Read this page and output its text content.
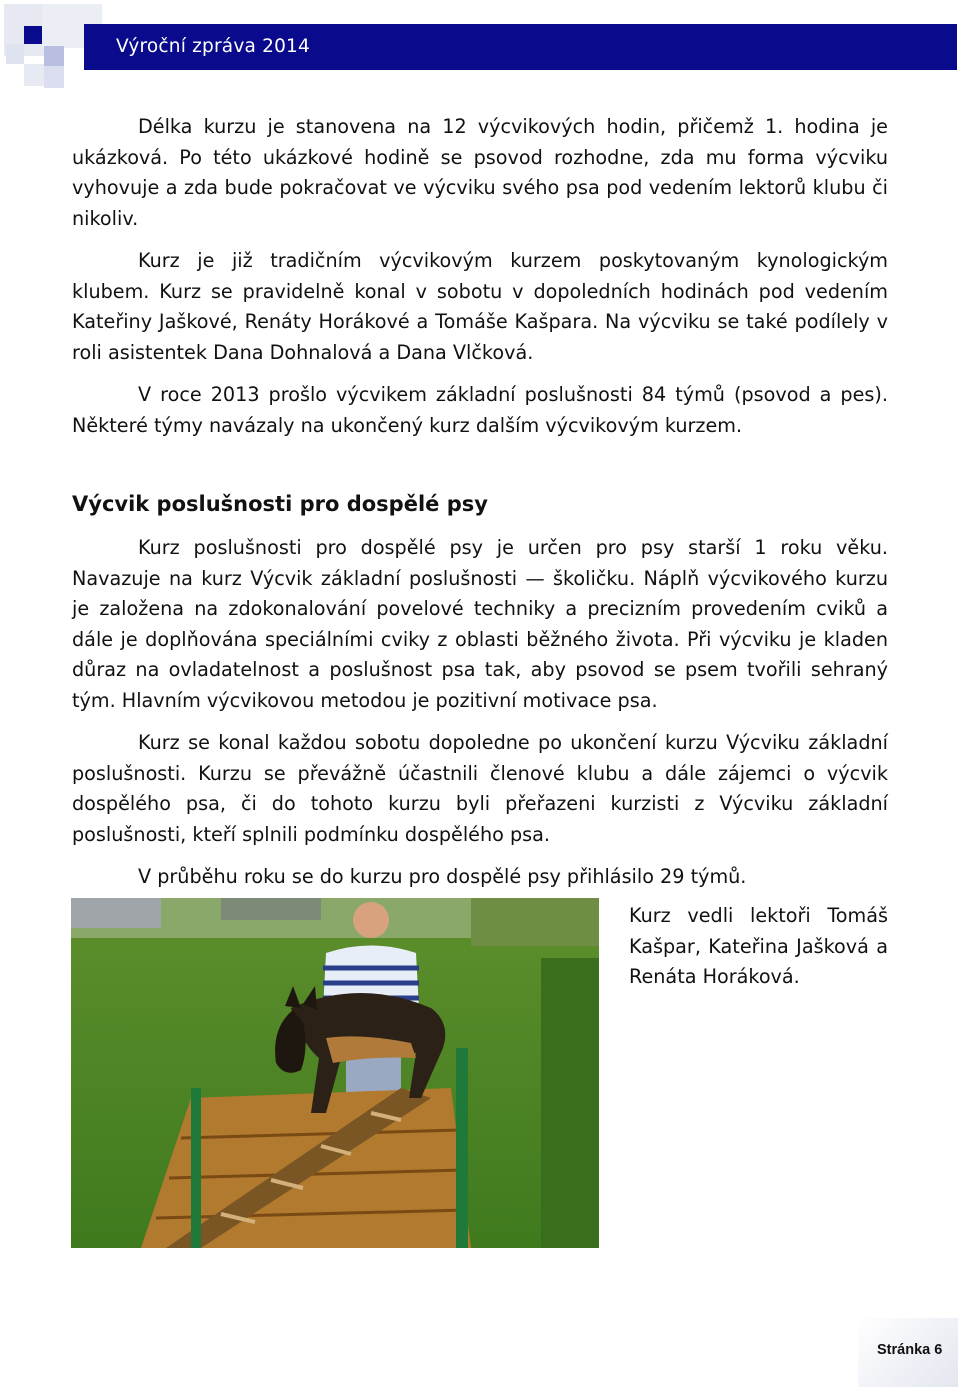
Výroční zpráva 2014

Délka kurzu je stanovena na 12 výcvikových hodin, přičemž 1. hodina je ukázková. Po této ukázkové hodině se psovod rozhodne, zda mu forma výcviku vyhovuje a zda bude pokračovat ve výcviku svého psa pod vedením lektorů klubu či nikoliv.

Kurz je již tradičním výcvikovým kurzem poskytovaným kynologickým klubem. Kurz se pravidelně konal v sobotu v dopoledních hodinách pod vedením Kateřiny Jaškové, Renáty Horákové a Tomáše Kašpara. Na výcviku se také podílely v roli asistentek Dana Dohnalová a Dana Vlčková.

V roce 2013 prošlo výcvikem základní poslušnosti 84 týmů (psovod a pes). Některé týmy navázaly na ukončený kurz dalším výcvikovým kurzem.

Výcvik poslušnosti pro dospělé psy

Kurz poslušnosti pro dospělé psy je určen pro psy starší 1 roku věku. Navazuje na kurz Výcvik základní poslušnosti — školičku. Náplň výcvikového kurzu je založena na zdokonalování povelové techniky a precizním provedením cviků a dále je doplňována speciálními cviky z oblasti běžného života. Při výcviku je kladen důraz na ovladatelnost a poslušnost psa tak, aby psovod se psem tvořili sehraný tým. Hlavním výcvikovou metodou je pozitivní motivace psa.

Kurz se konal každou sobotu dopoledne po ukončení kurzu Výcviku základní poslušnosti. Kurzu se převážně účastnili členové klubu a dále zájemci o výcvik dospělého psa, či do tohoto kurzu byli přeřazeni kurzisti z Výcviku základní poslušnosti, kteří splnili podmínku dospělého psa.

V průběhu roku se do kurzu pro dospělé psy přihlásilo 29 týmů.

Kurz vedli lektoři Tomáš Kašpar, Kateřina Jašková a Renáta Horáková.
Stránka 6
